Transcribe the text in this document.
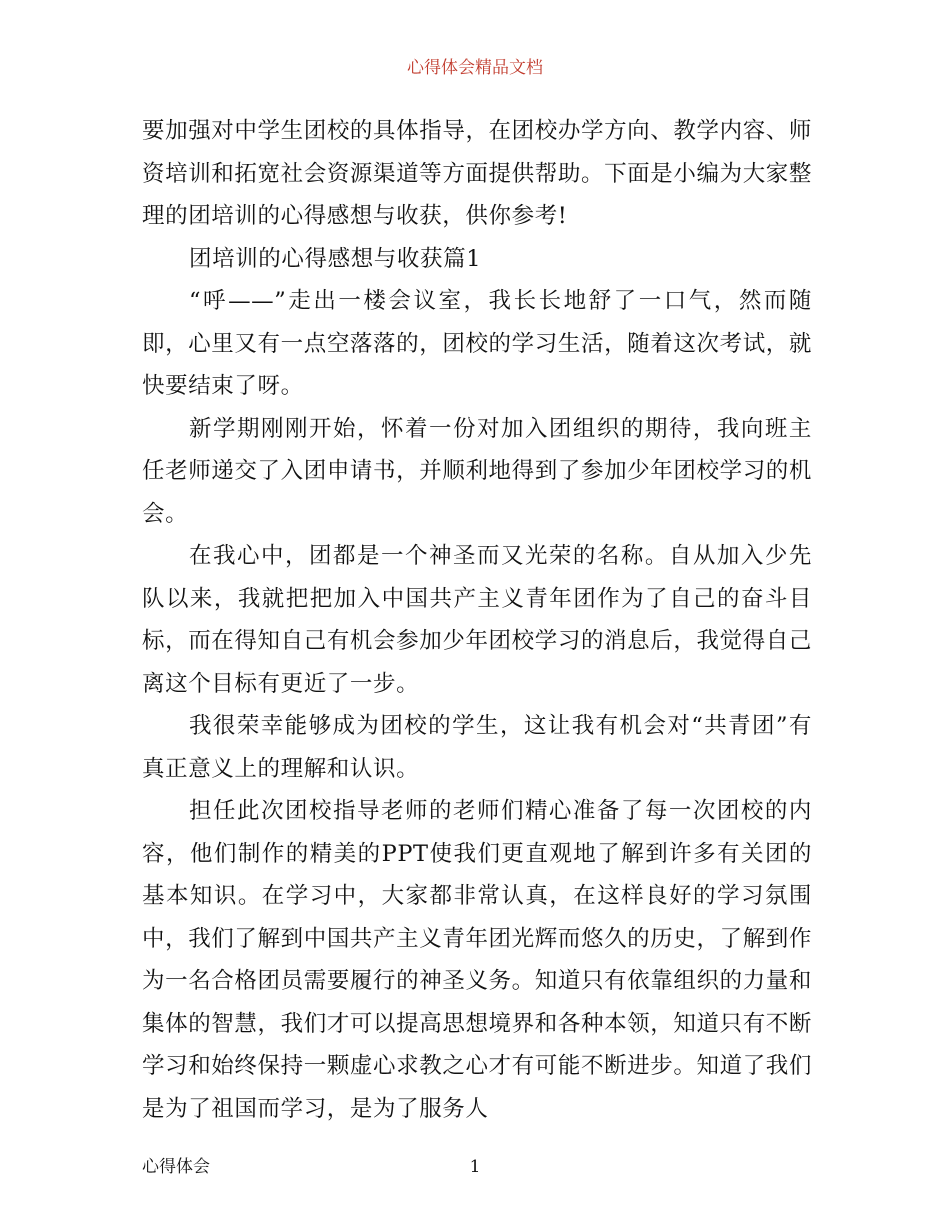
心得体会精品文档

要加强对中学生团校的具体指导，在团校办学方向、教学内容、师资培训和拓宽社会资源渠道等方面提供帮助。下面是小编为大家整理的团培训的心得感想与收获，供你参考!

团培训的心得感想与收获篇1

“呼——”走出一楼会议室，我长长地舒了一口气，然而随即，心里又有一点空落落的，团校的学习生活，随着这次考试，就快要结束了呀。

新学期刚刚开始，怀着一份对加入团组织的期待，我向班主任老师递交了入团申请书，并顺利地得到了参加少年团校学习的机会。

在我心中，团都是一个神圣而又光荣的名称。自从加入少先队以来，我就把把加入中国共产主义青年团作为了自己的奋斗目标，而在得知自己有机会参加少年团校学习的消息后，我觉得自己离这个目标有更近了一步。

我很荣幸能够成为团校的学生，这让我有机会对“共青团”有真正意义上的理解和认识。

担任此次团校指导老师的老师们精心准备了每一次团校的内容，他们制作的精美的PPT使我们更直观地了解到许多有关团的基本知识。在学习中，大家都非常认真，在这样良好的学习氛围中，我们了解到中国共产主义青年团光辉而悠久的历史，了解到作为一名合格团员需要履行的神圣义务。知道只有依靠组织的力量和集体的智慧，我们才可以提高思想境界和各种本领，知道只有不断学习和始终保持一颗虚心求教之心才有可能不断进步。知道了我们是为了祖国而学习，是为了服务人

心得体会	1
